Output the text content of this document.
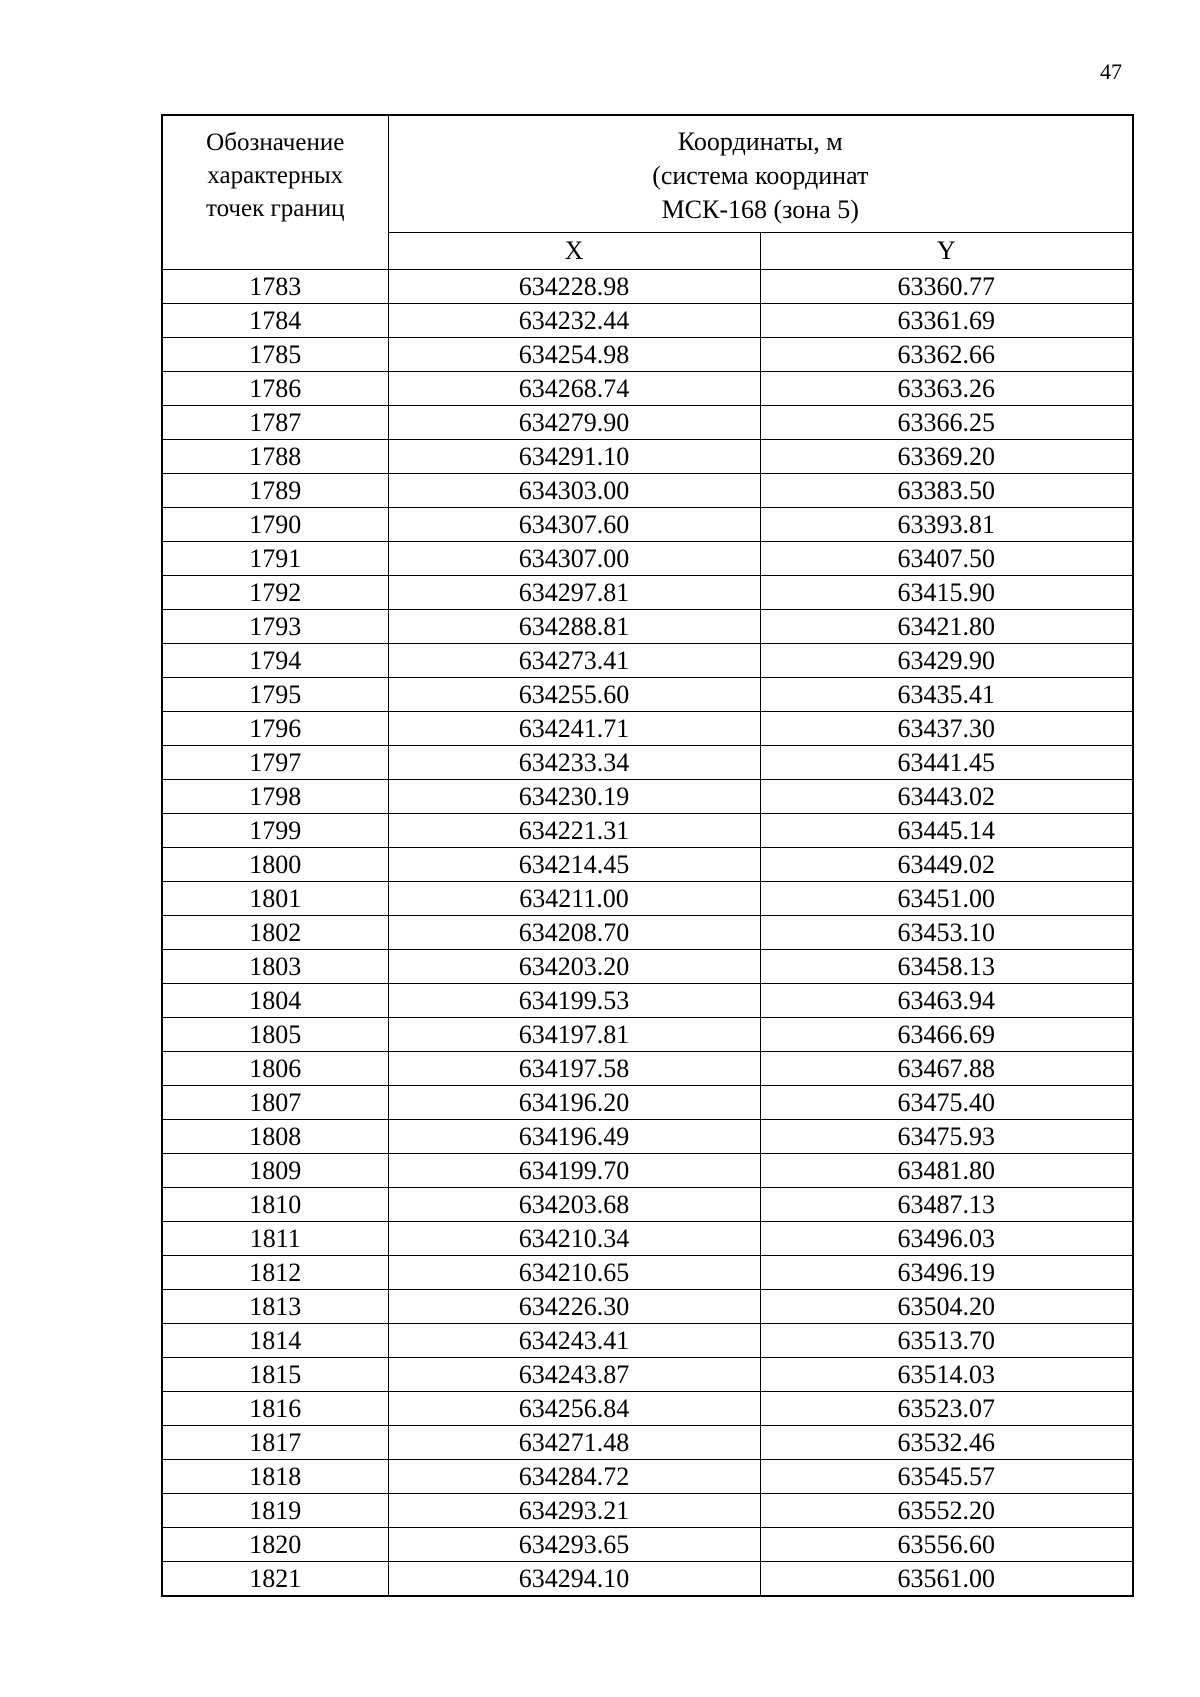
47
Обозначение
характерных
точек границ	Координаты, м
(система координат
МСК-168 (зона 5)	

	X	Y
1783	634228.98	63360.77
1784	634232.44	63361.69
1785	634254.98	63362.66
1786	634268.74	63363.26
1787	634279.90	63366.25
1788	634291.10	63369.20
1789	634303.00	63383.50
1790	634307.60	63393.81
1791	634307.00	63407.50
1792	634297.81	63415.90
1793	634288.81	63421.80
1794	634273.41	63429.90
1795	634255.60	63435.41
1796	634241.71	63437.30
1797	634233.34	63441.45
1798	634230.19	63443.02
1799	634221.31	63445.14
1800	634214.45	63449.02
1801	634211.00	63451.00
1802	634208.70	63453.10
1803	634203.20	63458.13
1804	634199.53	63463.94
1805	634197.81	63466.69
1806	634197.58	63467.88
1807	634196.20	63475.40
1808	634196.49	63475.93
1809	634199.70	63481.80
1810	634203.68	63487.13
1811	634210.34	63496.03
1812	634210.65	63496.19
1813	634226.30	63504.20
1814	634243.41	63513.70
1815	634243.87	63514.03
1816	634256.84	63523.07
1817	634271.48	63532.46
1818	634284.72	63545.57
1819	634293.21	63552.20
1820	634293.65	63556.60
1821	634294.10	63561.00
